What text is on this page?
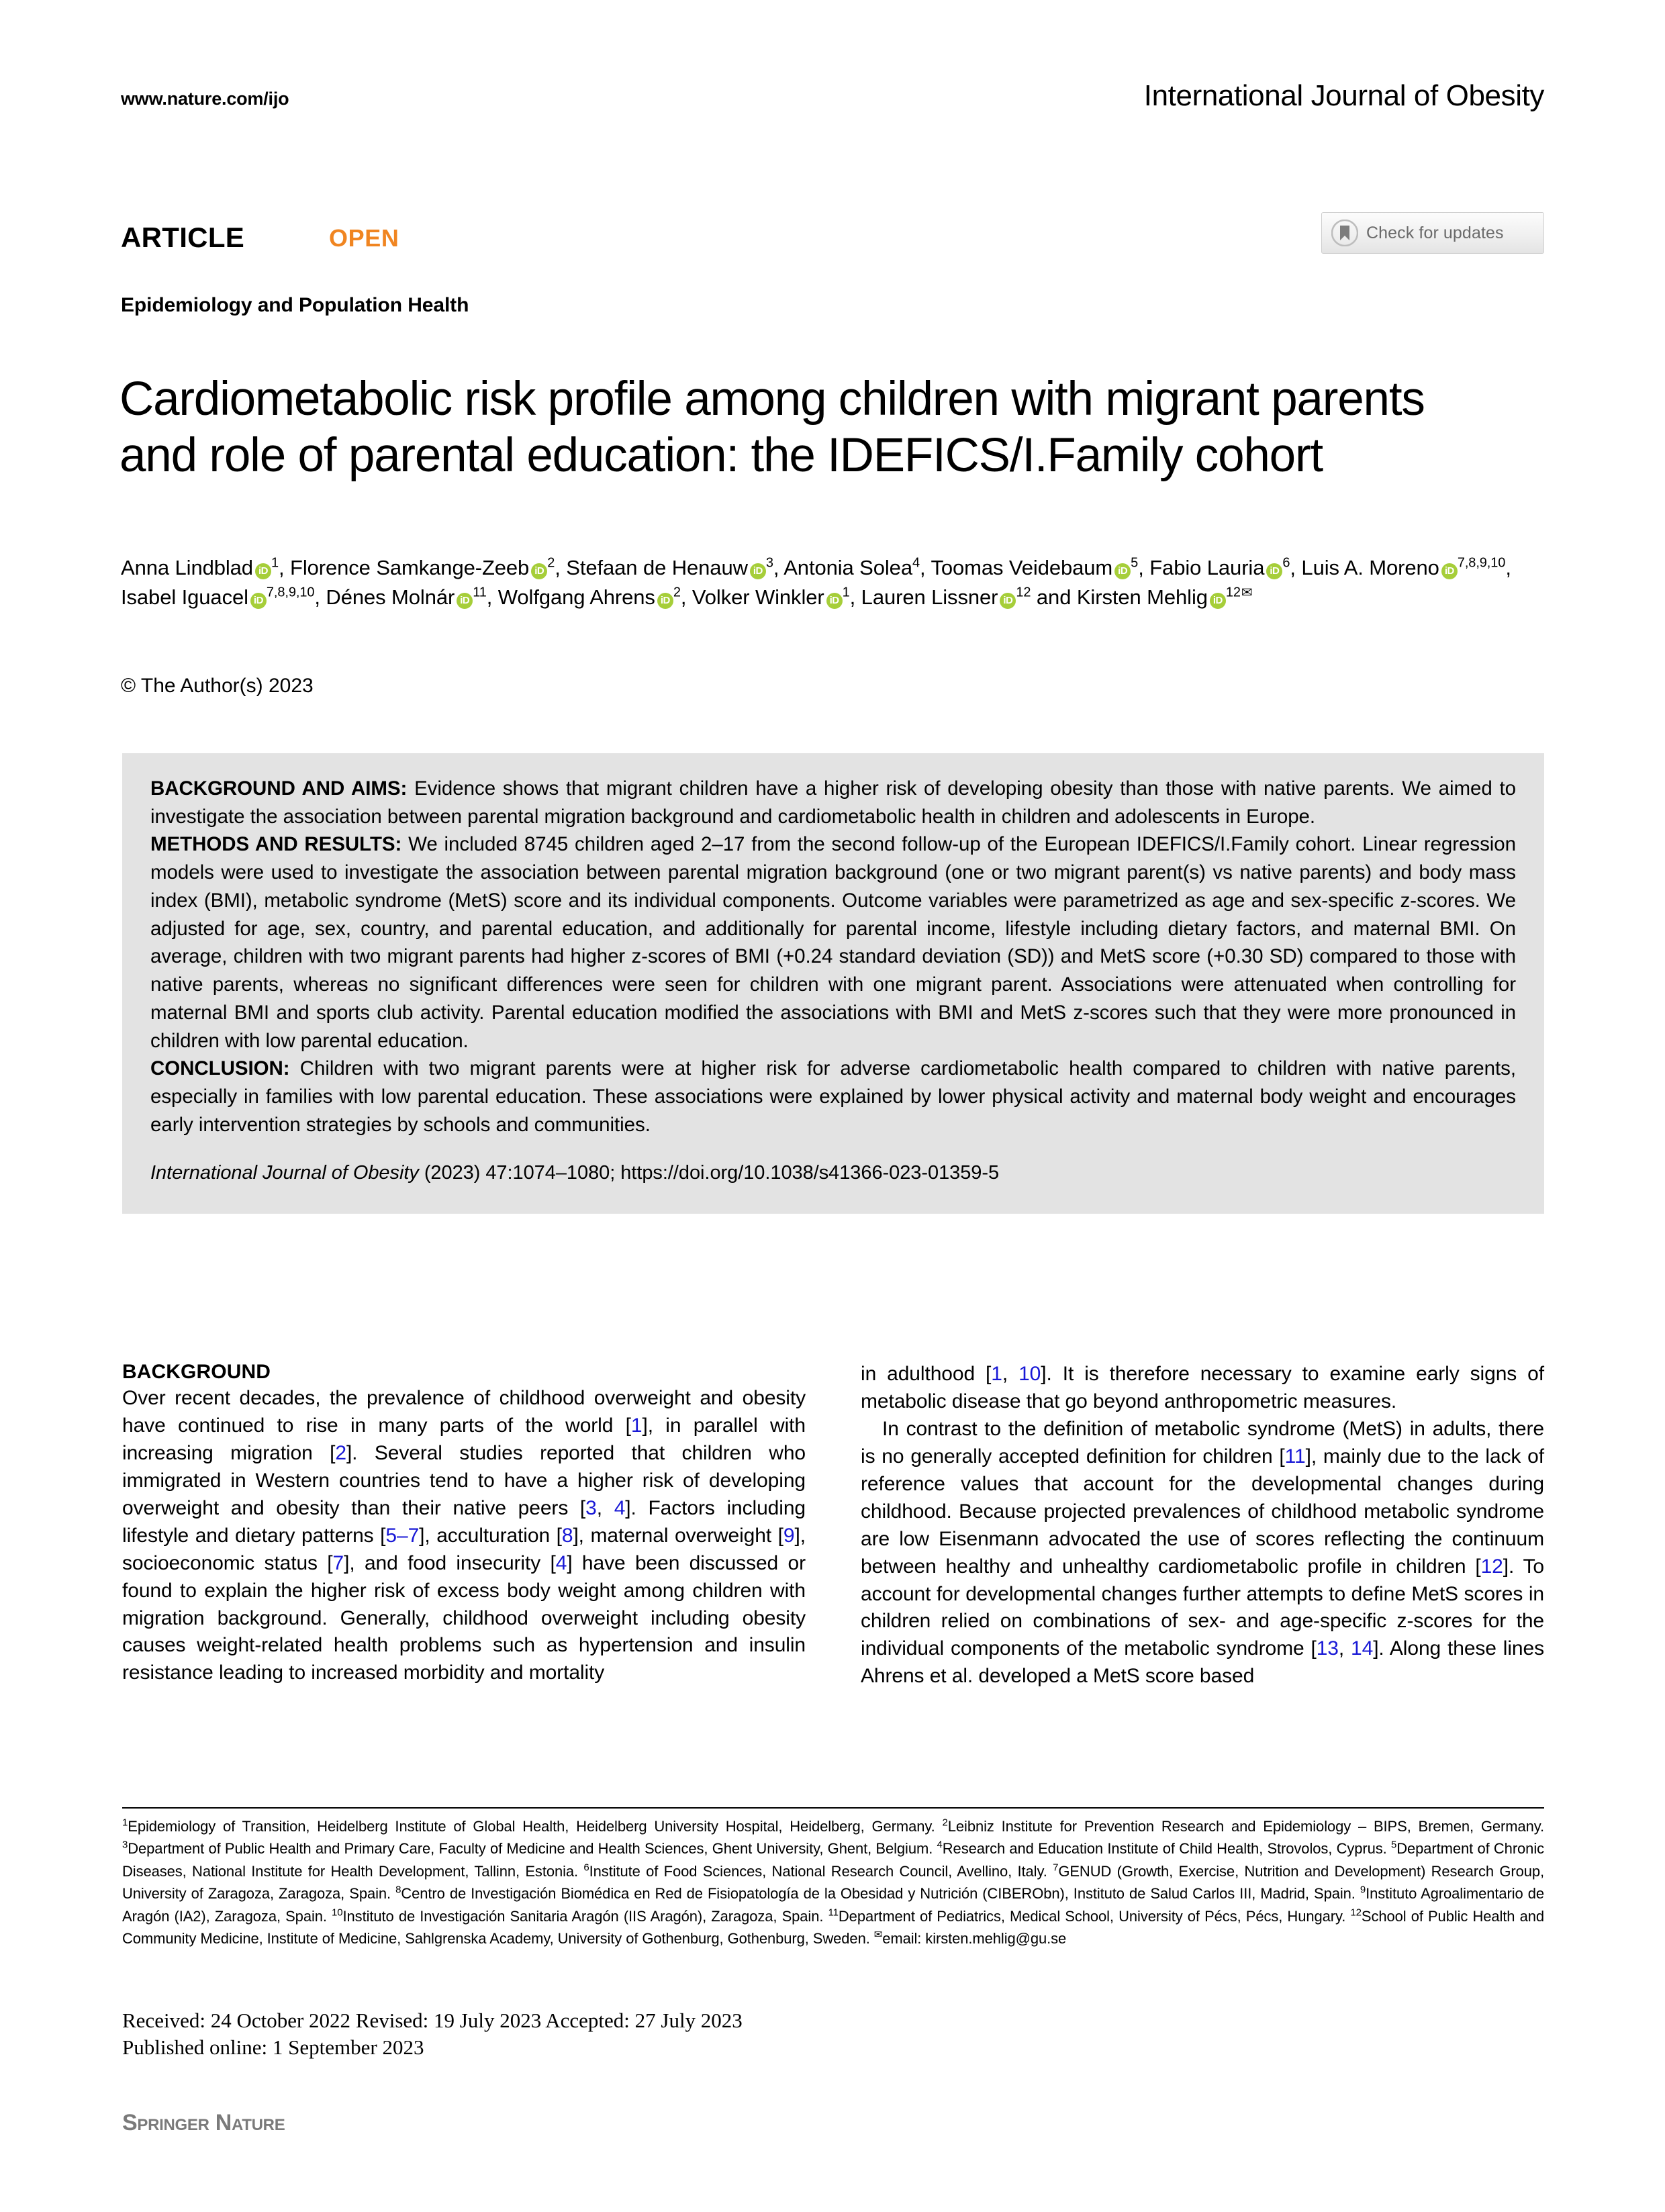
www.nature.com/ijo	International Journal of Obesity
ARTICLE	OPEN	Check for updates
Epidemiology and Population Health
Cardiometabolic risk profile among children with migrant parents and role of parental education: the IDEFICS/I.Family cohort
Anna Lindblad $iD^1$, Florence Samkange-Zeeb $iD^2$, Stefaan de Henauw $iD^3$, Antonia Solea$^4$, Toomas Veidebaum $iD^5$, Fabio Lauria $iD^6$, Luis A. Moreno iD$^{7,8,9,10}$, Isabel Iguacel iD$^{7,8,9,10}$, Dénes Molnár $iD^{11}$, Wolfgang Ahrens $iD^2$, Volker Winkler $iD^1$, Lauren Lissner $iD^{12}$ and Kirsten Mehlig $iD^{12✉}$
© The Author(s) 2023

BACKGROUND AND AIMS: Evidence shows that migrant children have a higher risk of developing obesity than those with native parents. We aimed to investigate the association between parental migration background and cardiometabolic health in children and adolescents in Europe.

METHODS AND RESULTS: We included 8745 children aged 2–17 from the second follow-up of the European IDEFICS/I.Family cohort. Linear regression models were used to investigate the association between parental migration background (one or two migrant parent(s) vs native parents) and body mass index (BMI), metabolic syndrome (MetS) score and its individual components. Outcome variables were parametrized as age and sex-specific z-scores. We adjusted for age, sex, country, and parental education, and additionally for parental income, lifestyle including dietary factors, and maternal BMI. On average, children with two migrant parents had higher z-scores of BMI (+0.24 standard deviation (SD)) and MetS score (+0.30 SD) compared to those with native parents, whereas no significant differences were seen for children with one migrant parent. Associations were attenuated when controlling for maternal BMI and sports club activity. Parental education modified the associations with BMI and MetS z-scores such that they were more pronounced in children with low parental education.

CONCLUSION: Children with two migrant parents were at higher risk for adverse cardiometabolic health compared to children with native parents, especially in families with low parental education. These associations were explained by lower physical activity and maternal body weight and encourages early intervention strategies by schools and communities.

International Journal of Obesity (2023) 47:1074–1080; https://doi.org/10.1038/s41366-023-01359-5

BACKGROUND

Over recent decades, the prevalence of childhood overweight and obesity have continued to rise in many parts of the world [1], in parallel with increasing migration [2]. Several studies reported that children who immigrated in Western countries tend to have a higher risk of developing overweight and obesity than their native peers [3, 4]. Factors including lifestyle and dietary patterns [5–7], acculturation [8], maternal overweight [9], socioeconomic status [7], and food insecurity [4] have been discussed or found to explain the higher risk of excess body weight among children with migration background. Generally, childhood overweight including obesity causes weight-related health problems such as hypertension and insulin resistance leading to increased morbidity and mortality

in adulthood [1, 10]. It is therefore necessary to examine early signs of metabolic disease that go beyond anthropometric measures.

In contrast to the definition of metabolic syndrome (MetS) in adults, there is no generally accepted definition for children [11], mainly due to the lack of reference values that account for the developmental changes during childhood. Because projected prevalences of childhood metabolic syndrome are low Eisenmann advocated the use of scores reflecting the continuum between healthy and unhealthy cardiometabolic profile in children [12]. To account for developmental changes further attempts to define MetS scores in children relied on combinations of sex- and age-specific z-scores for the individual components of the metabolic syndrome [13, 14]. Along these lines Ahrens et al. developed a MetS score based

$^1$Epidemiology of Transition, Heidelberg Institute of Global Health, Heidelberg University Hospital, Heidelberg, Germany. $^2$Leibniz Institute for Prevention Research and Epidemiology – BIPS, Bremen, Germany. $^3$Department of Public Health and Primary Care, Faculty of Medicine and Health Sciences, Ghent University, Ghent, Belgium. $^4$Research and Education Institute of Child Health, Strovolos, Cyprus. $^5$Department of Chronic Diseases, National Institute for Health Development, Tallinn, Estonia. $^6$Institute of Food Sciences, National Research Council, Avellino, Italy. $^7$GENUD (Growth, Exercise, Nutrition and Development) Research Group, University of Zaragoza, Zaragoza, Spain. $^8$Centro de Investigación Biomédica en Red de Fisiopatología de la Obesidad y Nutrición (CIBERObn), Instituto de Salud Carlos III, Madrid, Spain. $^9$Instituto Agroalimentario de Aragón (IA2), Zaragoza, Spain. $^{10}$Instituto de Investigación Sanitaria Aragón (IIS Aragón), Zaragoza, Spain. $^{11}$Department of Pediatrics, Medical School, University of Pécs, Pécs, Hungary. $^{12}$School of Public Health and Community Medicine, Institute of Medicine, Sahlgrenska Academy, University of Gothenburg, Gothenburg, Sweden. ✉email: kirsten.mehlig@gu.se
Received: 24 October 2022 Revised: 19 July 2023 Accepted: 27 July 2023
Published online: 1 September 2023
Springer Nature
